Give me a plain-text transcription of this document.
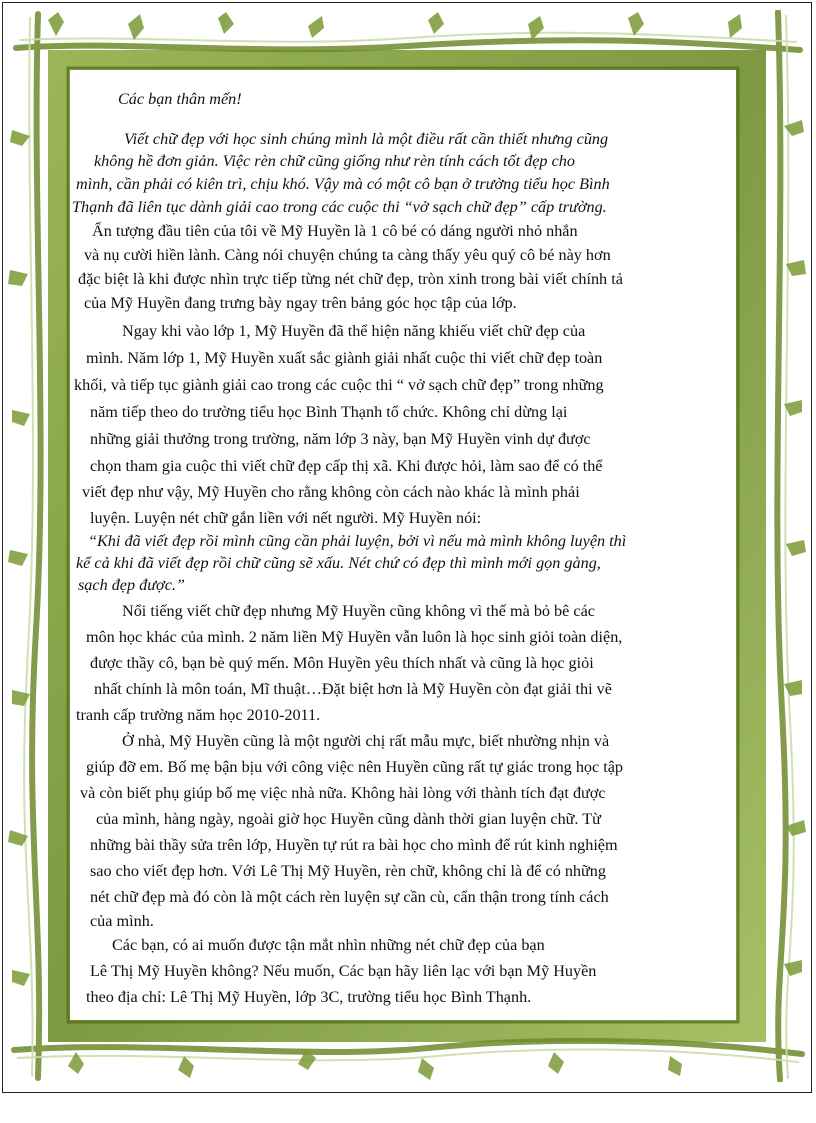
Các bạn thân mến!
Viết chữ đẹp với học sinh chúng mình là một điều rất cần thiết nhưng cũng
không hề đơn giản. Việc rèn chữ cũng giống như rèn tính cách tốt đẹp cho
mình, cần phải có kiên trì, chịu khó. Vậy mà có một cô bạn ở trường tiểu học Bình
Thạnh đã liên tục dành giải cao trong các cuộc thi “vở sạch chữ đẹp” cấp trường.
Ấn tượng đầu tiên của tôi về Mỹ Huyền là 1 cô bé có dáng người nhỏ nhắn
và nụ cười hiền lành. Càng nói chuyện chúng ta càng thấy yêu quý cô bé này hơn
đặc biệt là khi được nhìn trực tiếp từng nét chữ đẹp, tròn xinh trong bài viết chính tả
của Mỹ Huyền đang trưng bày ngay trên bảng góc học tập của lớp.
Ngay khi vào lớp 1, Mỹ Huyền đã thể hiện năng khiếu viết chữ đẹp của
mình. Năm lớp 1, Mỹ Huyền xuất sắc giành giải nhất cuộc thi viết chữ đẹp toàn
khối, và tiếp tục giành giải cao trong các cuộc thi “ vở sạch chữ đẹp” trong những
năm tiếp theo do trường tiểu học Bình Thạnh tổ chức. Không chỉ dừng lại
những giải thưởng trong trường, năm lớp 3 này, bạn Mỹ Huyền vinh dự được
chọn tham gia cuộc thi viết chữ đẹp cấp thị xã. Khi được hỏi, làm sao để có thể
viết đẹp như vậy, Mỹ Huyền cho rằng không còn cách nào khác là mình phải
luyện. Luyện nét chữ gắn liền với nết người. Mỹ Huyền nói:
“Khi đã viết đẹp rồi mình cũng cần phải luyện, bởi vì nếu mà mình không luyện thì
kể cả khi đã viết đẹp rồi chữ cũng sẽ xấu. Nét chứ có đẹp thì mình mới gọn gàng,
sạch đẹp được.”
Nổi tiếng viết chữ đẹp nhưng Mỹ Huyền cũng không vì thế mà bỏ bê các
môn học khác của mình. 2 năm liền Mỹ Huyền vẫn luôn là học sinh giỏi toàn diện,
được thầy cô, bạn bè quý mến. Môn Huyền yêu thích nhất và cũng là học giỏi
nhất chính là môn toán, Mĩ thuật…Đặt biệt hơn là Mỹ Huyền còn đạt giải thi vẽ
tranh cấp trường năm học 2010-2011.
Ở nhà, Mỹ Huyền cũng là một người chị rất mẫu mực, biết nhường nhịn và
giúp đỡ em. Bố mẹ bận bịu với công việc nên Huyền cũng rất tự giác trong học tập
và còn biết phụ giúp bố mẹ việc nhà nữa. Không hài lòng với thành tích đạt được
của mình, hàng ngày, ngoài giờ học Huyền cũng dành thời gian luyện chữ. Từ
những bài thầy sửa trên lớp, Huyền tự rút ra bài học cho mình để rút kinh nghiệm
sao cho viết đẹp hơn. Với Lê Thị Mỹ Huyền, rèn chữ, không chỉ là để có những
nét chữ đẹp mà đó còn là một cách rèn luyện sự cần cù, cẩn thận trong tính cách
của mình.
Các bạn, có ai muốn được tận mắt nhìn những nét chữ đẹp của bạn
Lê Thị Mỹ Huyền không? Nếu muốn, Các bạn hãy liên lạc với bạn Mỹ Huyền
theo địa chỉ: Lê Thị Mỹ Huyền, lớp 3C, trường tiểu học Bình Thạnh.
